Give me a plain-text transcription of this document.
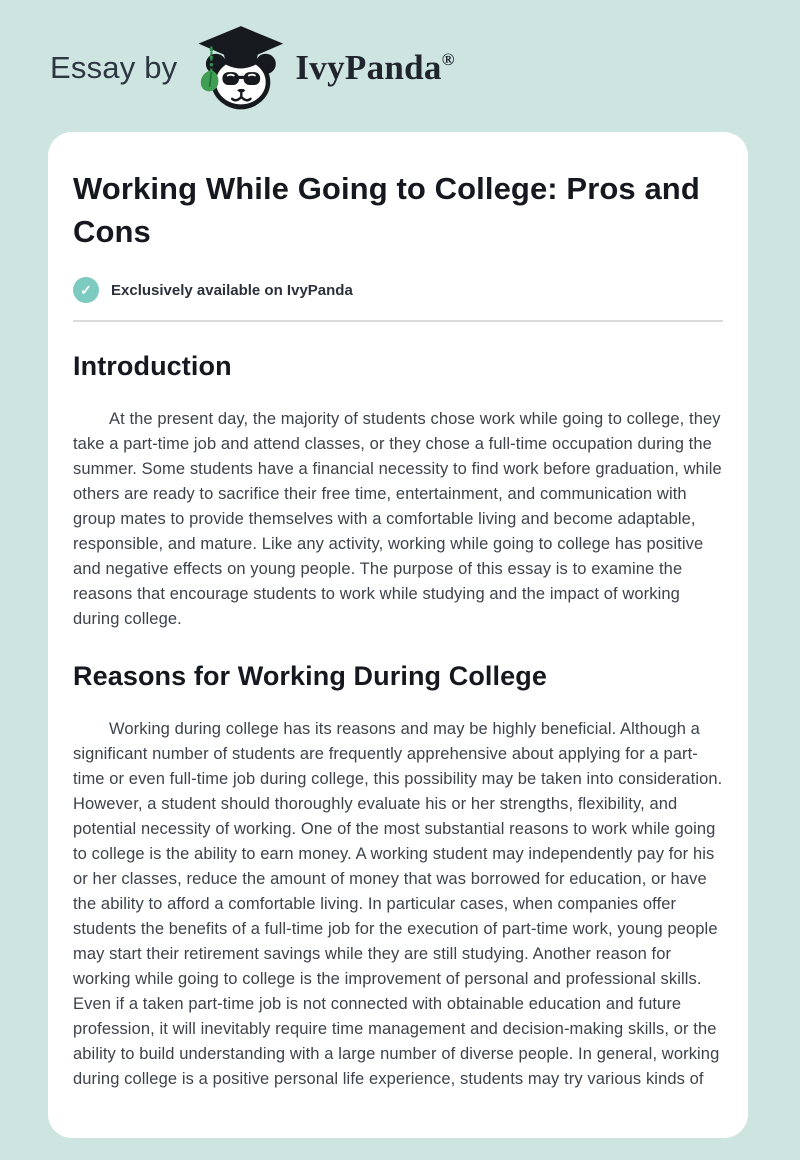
Essay by	IvyPanda®
Working While Going to College: Pros and Cons
✓	Exclusively available on IvyPanda
Introduction

At the present day, the majority of students chose work while going to college, they take a part-time job and attend classes, or they chose a full-time occupation during the summer. Some students have a financial necessity to find work before graduation, while others are ready to sacrifice their free time, entertainment, and communication with group mates to provide themselves with a comfortable living and become adaptable, responsible, and mature. Like any activity, working while going to college has positive and negative effects on young people. The purpose of this essay is to examine the reasons that encourage students to work while studying and the impact of working during college.

Reasons for Working During College

Working during college has its reasons and may be highly beneficial. Although a significant number of students are frequently apprehensive about applying for a part-time or even full-time job during college, this possibility may be taken into consideration. However, a student should thoroughly evaluate his or her strengths, flexibility, and potential necessity of working. One of the most substantial reasons to work while going to college is the ability to earn money. A working student may independently pay for his or her classes, reduce the amount of money that was borrowed for education, or have the ability to afford a comfortable living. In particular cases, when companies offer students the benefits of a full-time job for the execution of part-time work, young people may start their retirement savings while they are still studying. Another reason for working while going to college is the improvement of personal and professional skills. Even if a taken part-time job is not connected with obtainable education and future profession, it will inevitably require time management and decision-making skills, or the ability to build understanding with a large number of diverse people. In general, working during college is a positive personal life experience, students may try various kinds of
